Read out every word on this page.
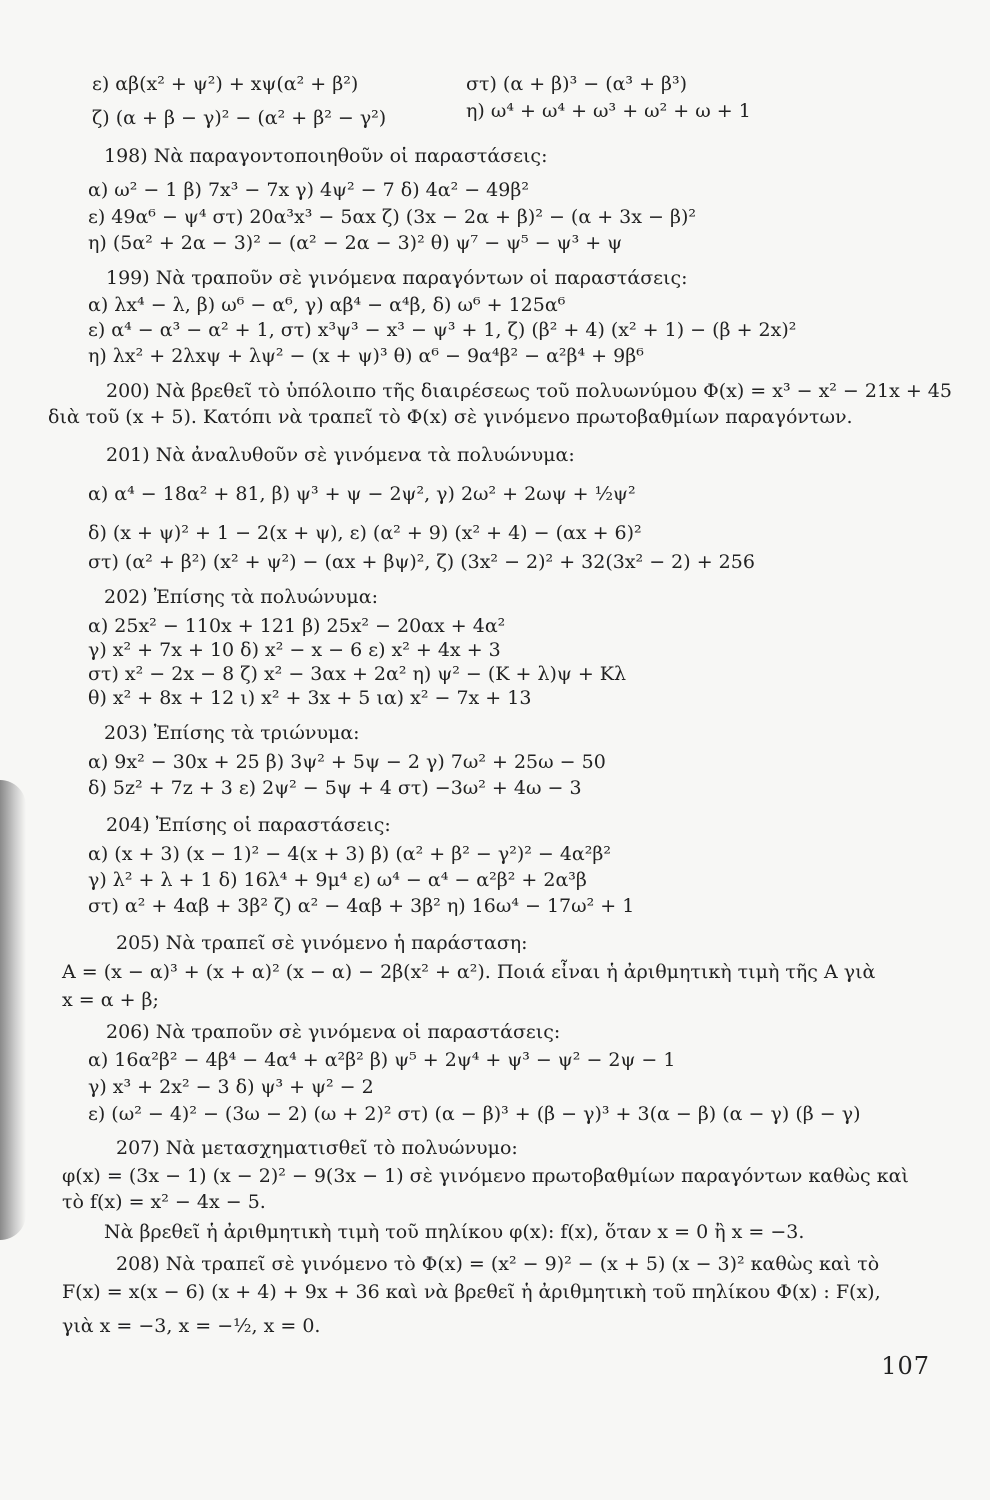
ε) αβ(x² + ψ²) + xψ(α² + β²)	στ) (α + β)³ − (α³ + β³)
ζ) (α + β − γ)² − (α² + β² − γ²)	η) ω⁴ + ω⁴ + ω³ + ω² + ω + 1
198) Νὰ παραγοντοποιηθοῦν οἱ παραστάσεις:
α) ω² − 1 β) 7x³ − 7x γ) 4ψ² − 7 δ) 4α² − 49β²
ε) 49α⁶ − ψ⁴ στ) 20α³x³ − 5αx ζ) (3x − 2α + β)² − (α + 3x − β)²
η) (5α² + 2α − 3)² − (α² − 2α − 3)² θ) ψ⁷ − ψ⁵ − ψ³ + ψ
199) Νὰ τραποῦν σὲ γινόμενα παραγόντων οἱ παραστάσεις:
α) λx⁴ − λ, β) ω⁶ − α⁶, γ) αβ⁴ − α⁴β, δ) ω⁶ + 125α⁶
ε) α⁴ − α³ − α² + 1, στ) x³ψ³ − x³ − ψ³ + 1, ζ) (β² + 4) (x² + 1) − (β + 2x)²
η) λx² + 2λxψ + λψ² − (x + ψ)³ θ) α⁶ − 9α⁴β² − α²β⁴ + 9β⁶
200) Νὰ βρεθεῖ τὸ ὑπόλοιπο τῆς διαιρέσεως τοῦ πολυωνύμου Φ(x) = x³ − x² − 21x + 45
διὰ τοῦ (x + 5). Κατόπι νὰ τραπεῖ τὸ Φ(x) σὲ γινόμενο πρωτοβαθμίων παραγόντων.
201) Νὰ ἀναλυθοῦν σὲ γινόμενα τὰ πολυώνυμα:
α) α⁴ − 18α² + 81, β) ψ³ + ψ − 2ψ², γ) 2ω² + 2ωψ + ½ψ²
δ) (x + ψ)² + 1 − 2(x + ψ), ε) (α² + 9) (x² + 4) − (αx + 6)²
στ) (α² + β²) (x² + ψ²) − (αx + βψ)², ζ) (3x² − 2)² + 32(3x² − 2) + 256
202) Ἐπίσης τὰ πολυώνυμα:
α) 25x² − 110x + 121 β) 25x² − 20αx + 4α²
γ) x² + 7x + 10 δ) x² − x − 6 ε) x² + 4x + 3
στ) x² − 2x − 8 ζ) x² − 3αx + 2α² η) ψ² − (Κ + λ)ψ + Κλ
θ) x² + 8x + 12 ι) x² + 3x + 5 ια) x² − 7x + 13
203) Ἐπίσης τὰ τριώνυμα:
α) 9x² − 30x + 25 β) 3ψ² + 5ψ − 2 γ) 7ω² + 25ω − 50
δ) 5z² + 7z + 3 ε) 2ψ² − 5ψ + 4 στ) −3ω² + 4ω − 3
204) Ἐπίσης οἱ παραστάσεις:
α) (x + 3) (x − 1)² − 4(x + 3) β) (α² + β² − γ²)² − 4α²β²
γ) λ² + λ + 1 δ) 16λ⁴ + 9μ⁴ ε) ω⁴ − α⁴ − α²β² + 2α³β
στ) α² + 4αβ + 3β² ζ) α² − 4αβ + 3β² η) 16ω⁴ − 17ω² + 1
205) Νὰ τραπεῖ σὲ γινόμενο ἡ παράσταση:
Α = (x − α)³ + (x + α)² (x − α) − 2β(x² + α²). Ποιά εἶναι ἡ ἀριθμητικὴ τιμὴ τῆς Α γιὰ
x = α + β;
206) Νὰ τραποῦν σὲ γινόμενα οἱ παραστάσεις:
α) 16α²β² − 4β⁴ − 4α⁴ + α²β² β) ψ⁵ + 2ψ⁴ + ψ³ − ψ² − 2ψ − 1
γ) x³ + 2x² − 3 δ) ψ³ + ψ² − 2
ε) (ω² − 4)² − (3ω − 2) (ω + 2)² στ) (α − β)³ + (β − γ)³ + 3(α − β) (α − γ) (β − γ)
207) Νὰ μετασχηματισθεῖ τὸ πολυώνυμο:
φ(x) = (3x − 1) (x − 2)² − 9(3x − 1) σὲ γινόμενο πρωτοβαθμίων παραγόντων καθὼς καὶ
τὸ f(x) = x² − 4x − 5.
Νὰ βρεθεῖ ἡ ἀριθμητικὴ τιμὴ τοῦ πηλίκου φ(x): f(x), ὅταν x = 0 ἢ x = −3.
208) Νὰ τραπεῖ σὲ γινόμενο τὸ Φ(x) = (x² − 9)² − (x + 5) (x − 3)² καθὼς καὶ τὸ
F(x) = x(x − 6) (x + 4) + 9x + 36 καὶ νὰ βρεθεῖ ἡ ἀριθμητικὴ τοῦ πηλίκου Φ(x) : F(x),
γιὰ x = −3, x = −½, x = 0.
107
